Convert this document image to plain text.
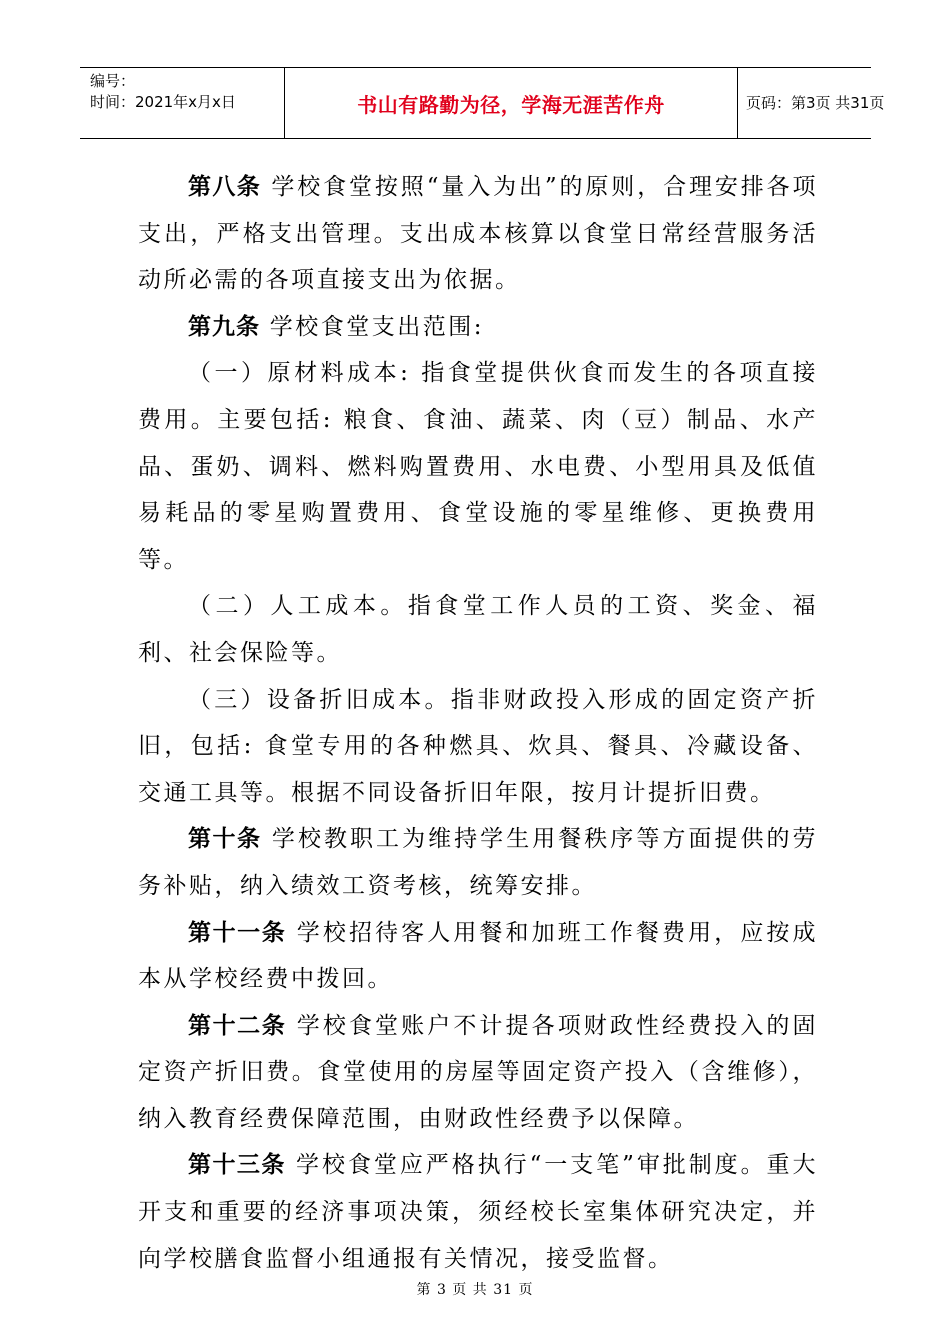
编号：
时间：2021年x月x日	书山有路勤为径，学海无涯苦作舟	页码：第3页 共31页

第八条 学校食堂按照“量入为出”的原则，合理安排各项支出，严格支出管理。支出成本核算以食堂日常经营服务活动所必需的各项直接支出为依据。

第九条 学校食堂支出范围:

（一）原材料成本: 指食堂提供伙食而发生的各项直接费用。主要包括: 粮食、食油、蔬菜、肉（豆）制品、水产品、蛋奶、调料、燃料购置费用、水电费、小型用具及低值易耗品的零星购置费用、食堂设施的零星维修、更换费用等。

（二）人工成本。指食堂工作人员的工资、奖金、福利、社会保险等。

（三）设备折旧成本。指非财政投入形成的固定资产折旧，包括: 食堂专用的各种燃具、炊具、餐具、冷藏设备、交通工具等。根据不同设备折旧年限，按月计提折旧费。

第十条 学校教职工为维持学生用餐秩序等方面提供的劳务补贴，纳入绩效工资考核，统筹安排。

第十一条 学校招待客人用餐和加班工作餐费用，应按成本从学校经费中拨回。

第十二条 学校食堂账户不计提各项财政性经费投入的固定资产折旧费。食堂使用的房屋等固定资产投入（含维修），纳入教育经费保障范围，由财政性经费予以保障。

第十三条 学校食堂应严格执行“一支笔”审批制度。重大开支和重要的经济事项决策，须经校长室集体研究决定，并向学校膳食监督小组通报有关情况，接受监督。

第 3 页 共 31 页
